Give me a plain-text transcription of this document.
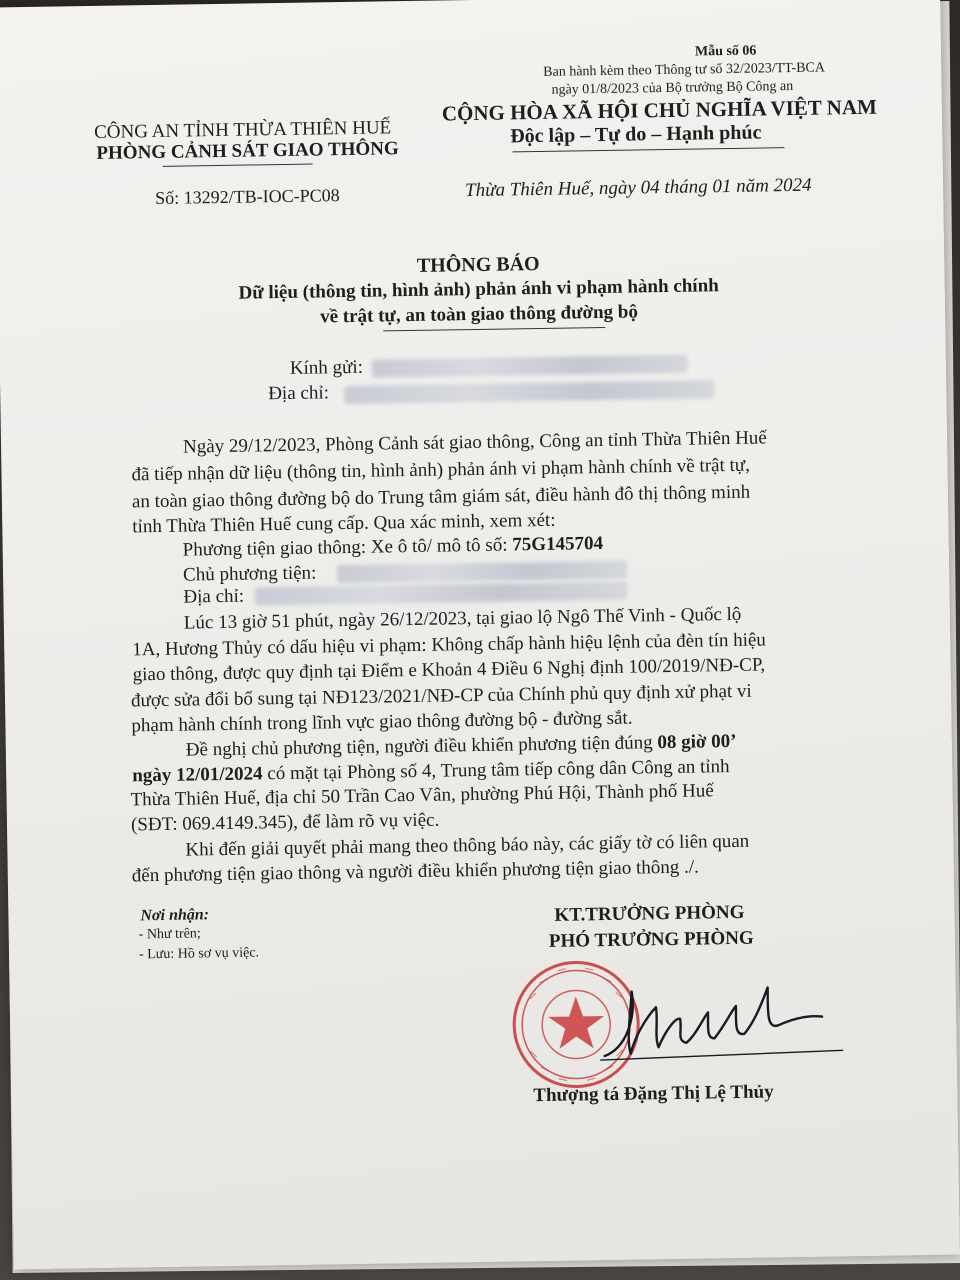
Mẫu số 06
Ban hành kèm theo Thông tư số 32/2023/TT-BCA
ngày 01/8/2023 của Bộ trưởng Bộ Công an
CÔNG AN TỈNH THỪA THIÊN HUẾ
PHÒNG CẢNH SÁT GIAO THÔNG
CỘNG HÒA XÃ HỘI CHỦ NGHĨA VIỆT NAM
Độc lập – Tự do – Hạnh phúc
Số: 13292/TB-IOC-PC08	Thừa Thiên Huế, ngày 04 tháng 01 năm 2024
THÔNG BÁO
Dữ liệu (thông tin, hình ảnh) phản ánh vi phạm hành chính
về trật tự, an toàn giao thông đường bộ
Kính gửi:
Địa chỉ:
Ngày 29/12/2023, Phòng Cảnh sát giao thông, Công an tỉnh Thừa Thiên Huế
đã tiếp nhận dữ liệu (thông tin, hình ảnh) phản ánh vi phạm hành chính về trật tự,
an toàn giao thông đường bộ do Trung tâm giám sát, điều hành đô thị thông minh
tỉnh Thừa Thiên Huế cung cấp. Qua xác minh, xem xét:
Phương tiện giao thông: Xe ô tô/ mô tô số: 75G145704
Chủ phương tiện:
Địa chỉ:
Lúc 13 giờ 51 phút, ngày 26/12/2023, tại giao lộ Ngô Thế Vinh - Quốc lộ
1A, Hương Thủy có dấu hiệu vi phạm: Không chấp hành hiệu lệnh của đèn tín hiệu
giao thông, được quy định tại Điểm e Khoản 4 Điều 6 Nghị định 100/2019/NĐ-CP,
được sửa đổi bổ sung tại NĐ123/2021/NĐ-CP của Chính phủ quy định xử phạt vi
phạm hành chính trong lĩnh vực giao thông đường bộ - đường sắt.
Đề nghị chủ phương tiện, người điều khiển phương tiện đúng 08 giờ 00’
ngày 12/01/2024 có mặt tại Phòng số 4, Trung tâm tiếp công dân Công an tỉnh
Thừa Thiên Huế, địa chỉ 50 Trần Cao Vân, phường Phú Hội, Thành phố Huế
(SĐT: 069.4149.345), để làm rõ vụ việc.
Khi đến giải quyết phải mang theo thông báo này, các giấy tờ có liên quan
đến phương tiện giao thông và người điều khiển phương tiện giao thông ./.
Nơi nhận:
- Như trên;
- Lưu: Hồ sơ vụ việc.
KT.TRƯỞNG PHÒNG
PHÓ TRƯỞNG PHÒNG
Thượng tá Đặng Thị Lệ Thủy
